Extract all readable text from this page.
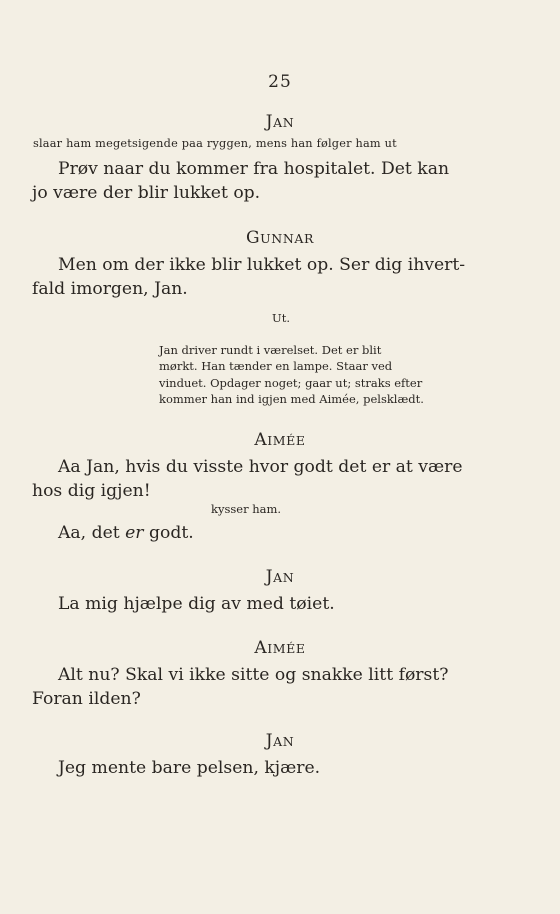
25
JAN
slaar ham megetsigende paa ryggen, mens han følger ham ut
Prøv naar du kommer fra hospitalet. Det kan
jo være der blir lukket op.
GUNNAR
Men om der ikke blir lukket op. Ser dig ihvert-
fald imorgen, Jan.
Ut.
Jan driver rundt i værelset. Det er blit
mørkt. Han tænder en lampe. Staar ved
vinduet. Opdager noget; gaar ut; straks efter
kommer han ind igjen med Aimée, pelsklædt.
AIMÉE
Aa Jan, hvis du visste hvor godt det er at være
hos dig igjen!
kysser ham.
Aa, det er godt.
JAN
La mig hjælpe dig av med tøiet.
AIMÉE
Alt nu? Skal vi ikke sitte og snakke litt først?
Foran ilden?
JAN
Jeg mente bare pelsen, kjære.
